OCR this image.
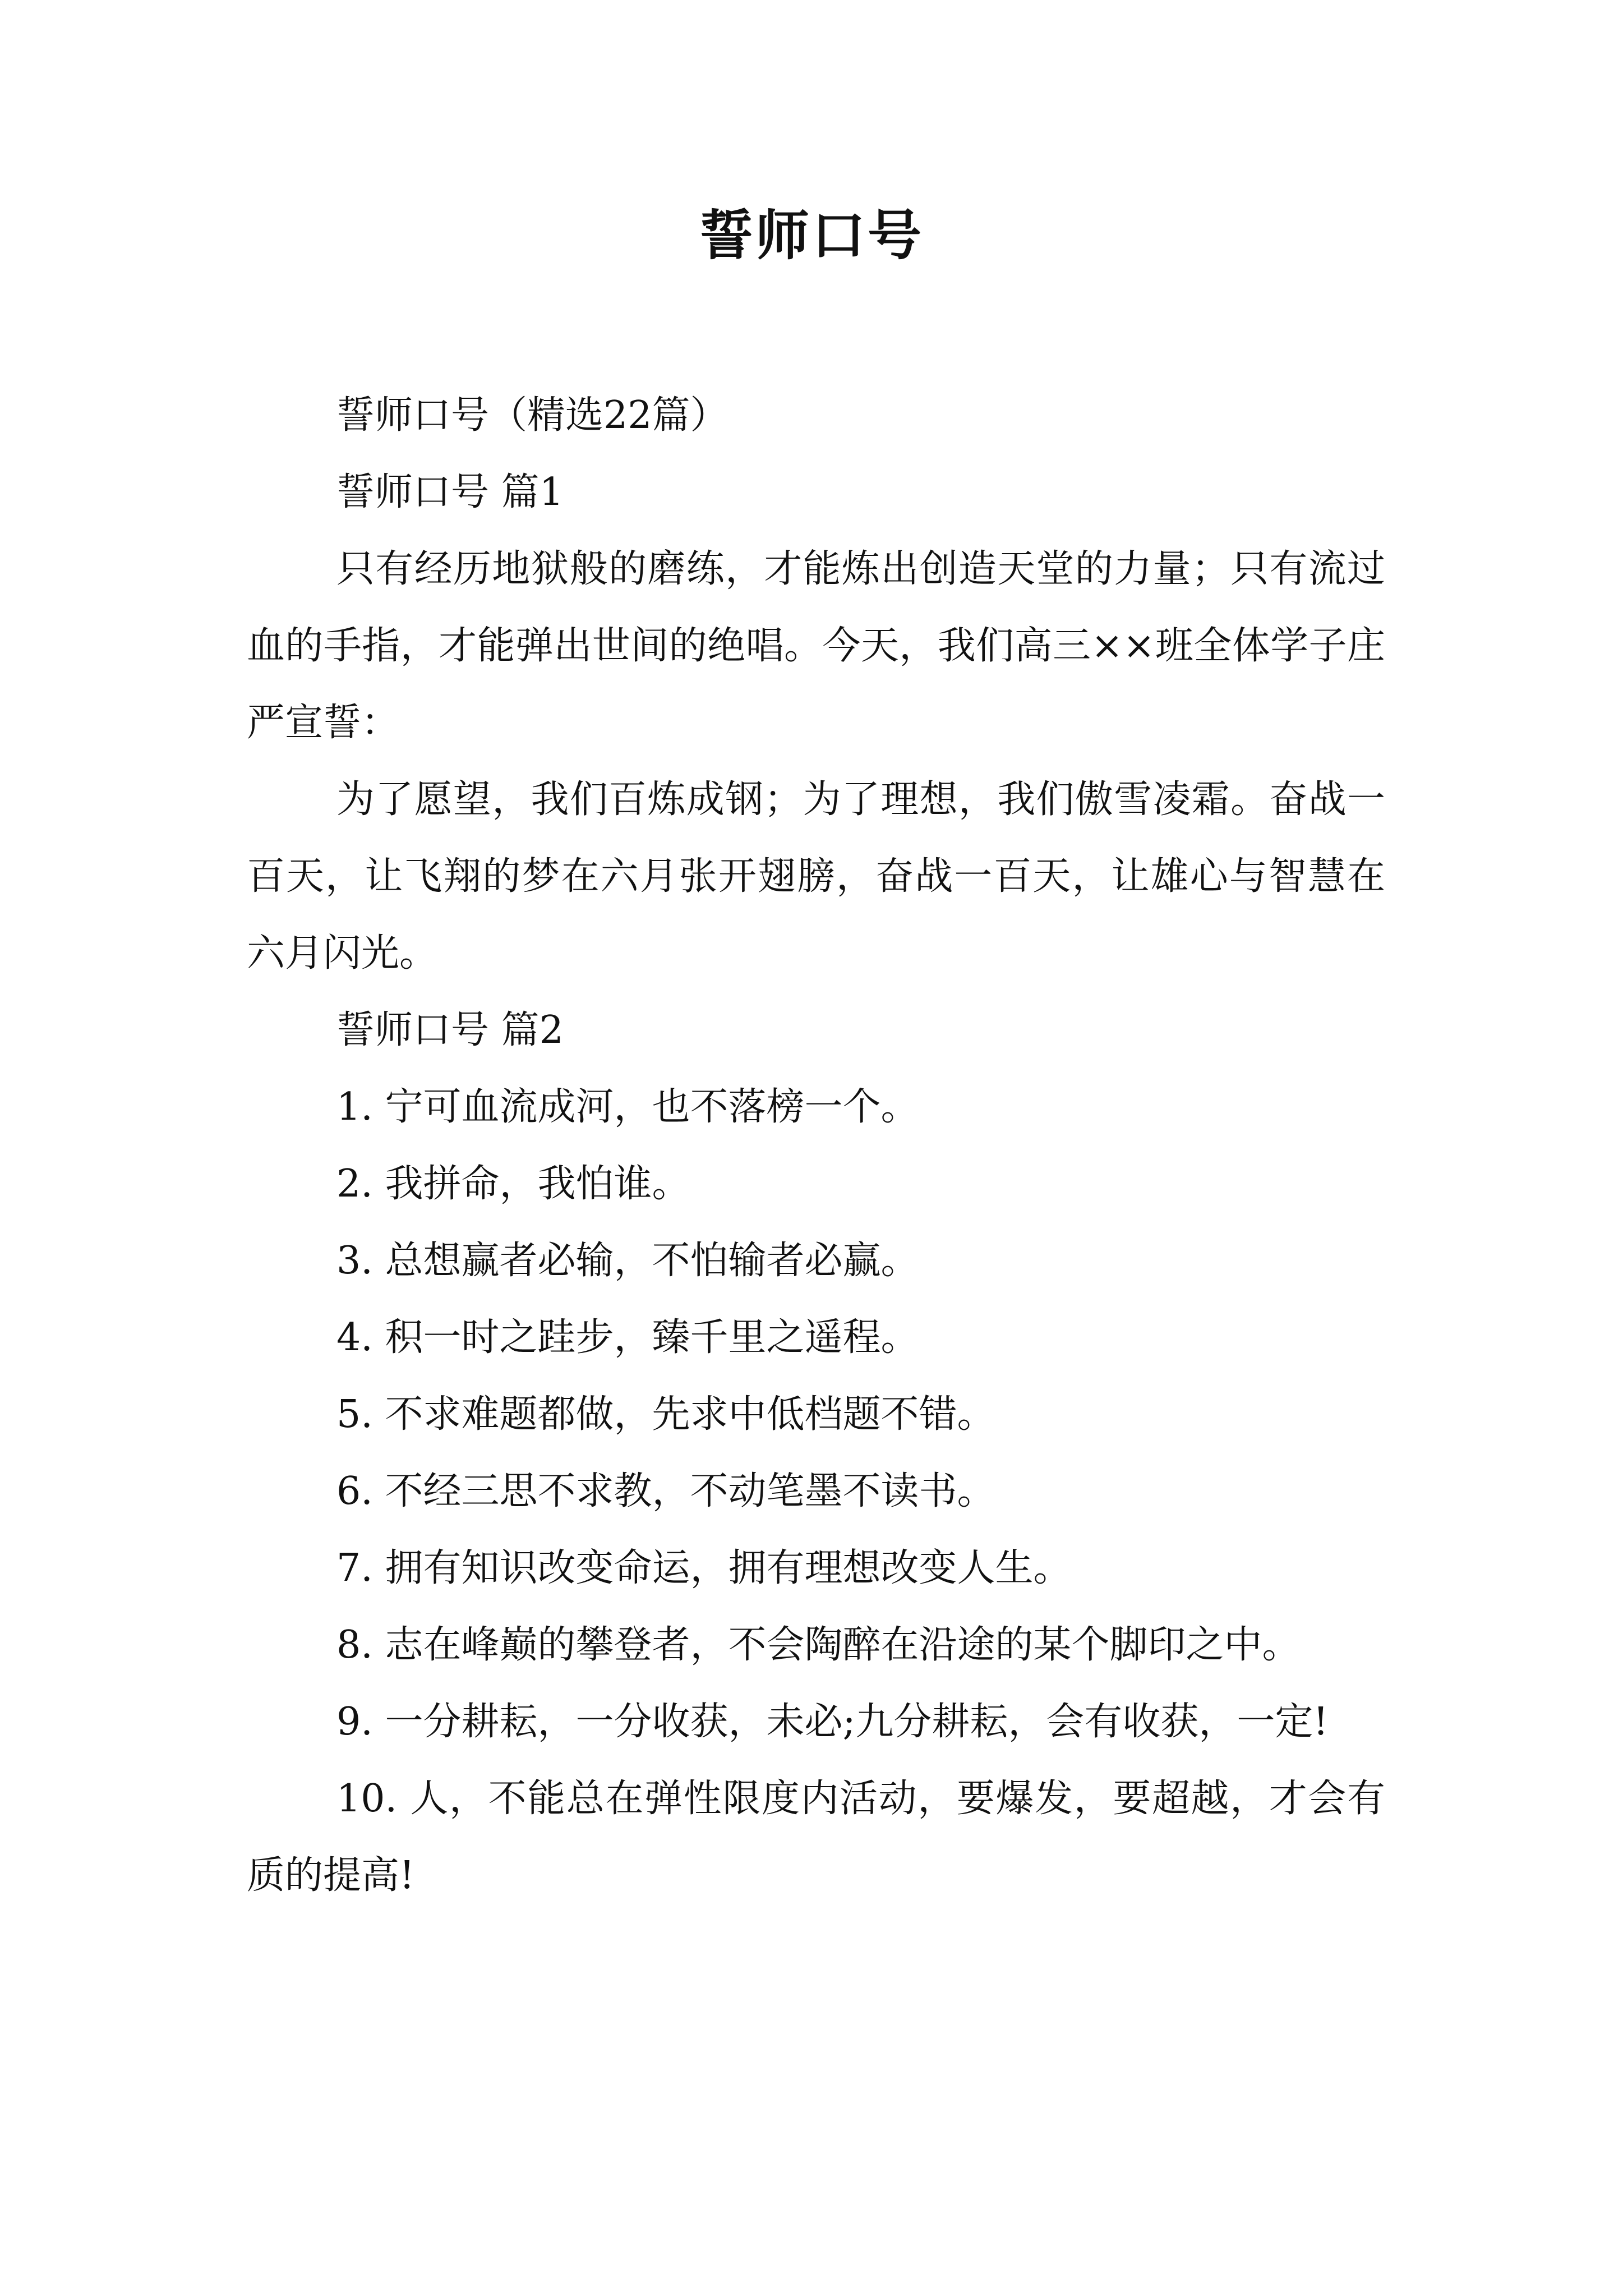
誓师口号

誓师口号（精选22篇）

誓师口号 篇1

只有经历地狱般的磨练，才能炼出创造天堂的力量；只有流过血的手指，才能弹出世间的绝唱。今天，我们高三××班全体学子庄严宣誓：

为了愿望，我们百炼成钢；为了理想，我们傲雪凌霜。奋战一百天，让飞翔的梦在六月张开翅膀，奋战一百天，让雄心与智慧在六月闪光。

誓师口号 篇2

1. 宁可血流成河，也不落榜一个。

2. 我拼命，我怕谁。

3. 总想赢者必输，不怕输者必赢。

4. 积一时之跬步，臻千里之遥程。

5. 不求难题都做，先求中低档题不错。

6. 不经三思不求教，不动笔墨不读书。

7. 拥有知识改变命运，拥有理想改变人生。

8. 志在峰巅的攀登者，不会陶醉在沿途的某个脚印之中。

9. 一分耕耘，一分收获，未必;九分耕耘，会有收获，一定!

10. 人，不能总在弹性限度内活动，要爆发，要超越，才会有质的提高!
